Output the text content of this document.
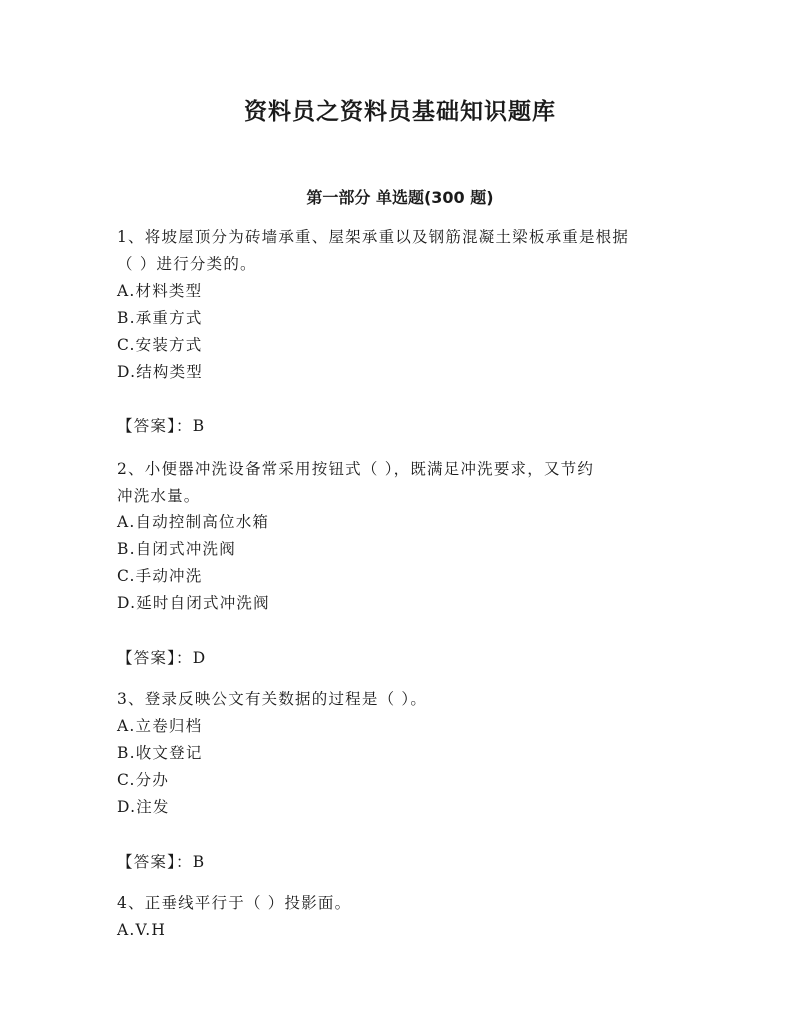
资料员之资料员基础知识题库
第一部分 单选题(300 题)
1、将坡屋顶分为砖墙承重、屋架承重以及钢筋混凝土梁板承重是根据
（ ）进行分类的。
A.材料类型
B.承重方式
C.安装方式
D.结构类型
【答案】：B
2、小便器冲洗设备常采用按钮式（ ），既满足冲洗要求，又节约
冲洗水量。
A.自动控制高位水箱
B.自闭式冲洗阀
C.手动冲洗
D.延时自闭式冲洗阀
【答案】：D
3、登录反映公文有关数据的过程是（ ）。
A.立卷归档
B.收文登记
C.分办
D.注发
【答案】：B
4、正垂线平行于（ ）投影面。
A.V.H
